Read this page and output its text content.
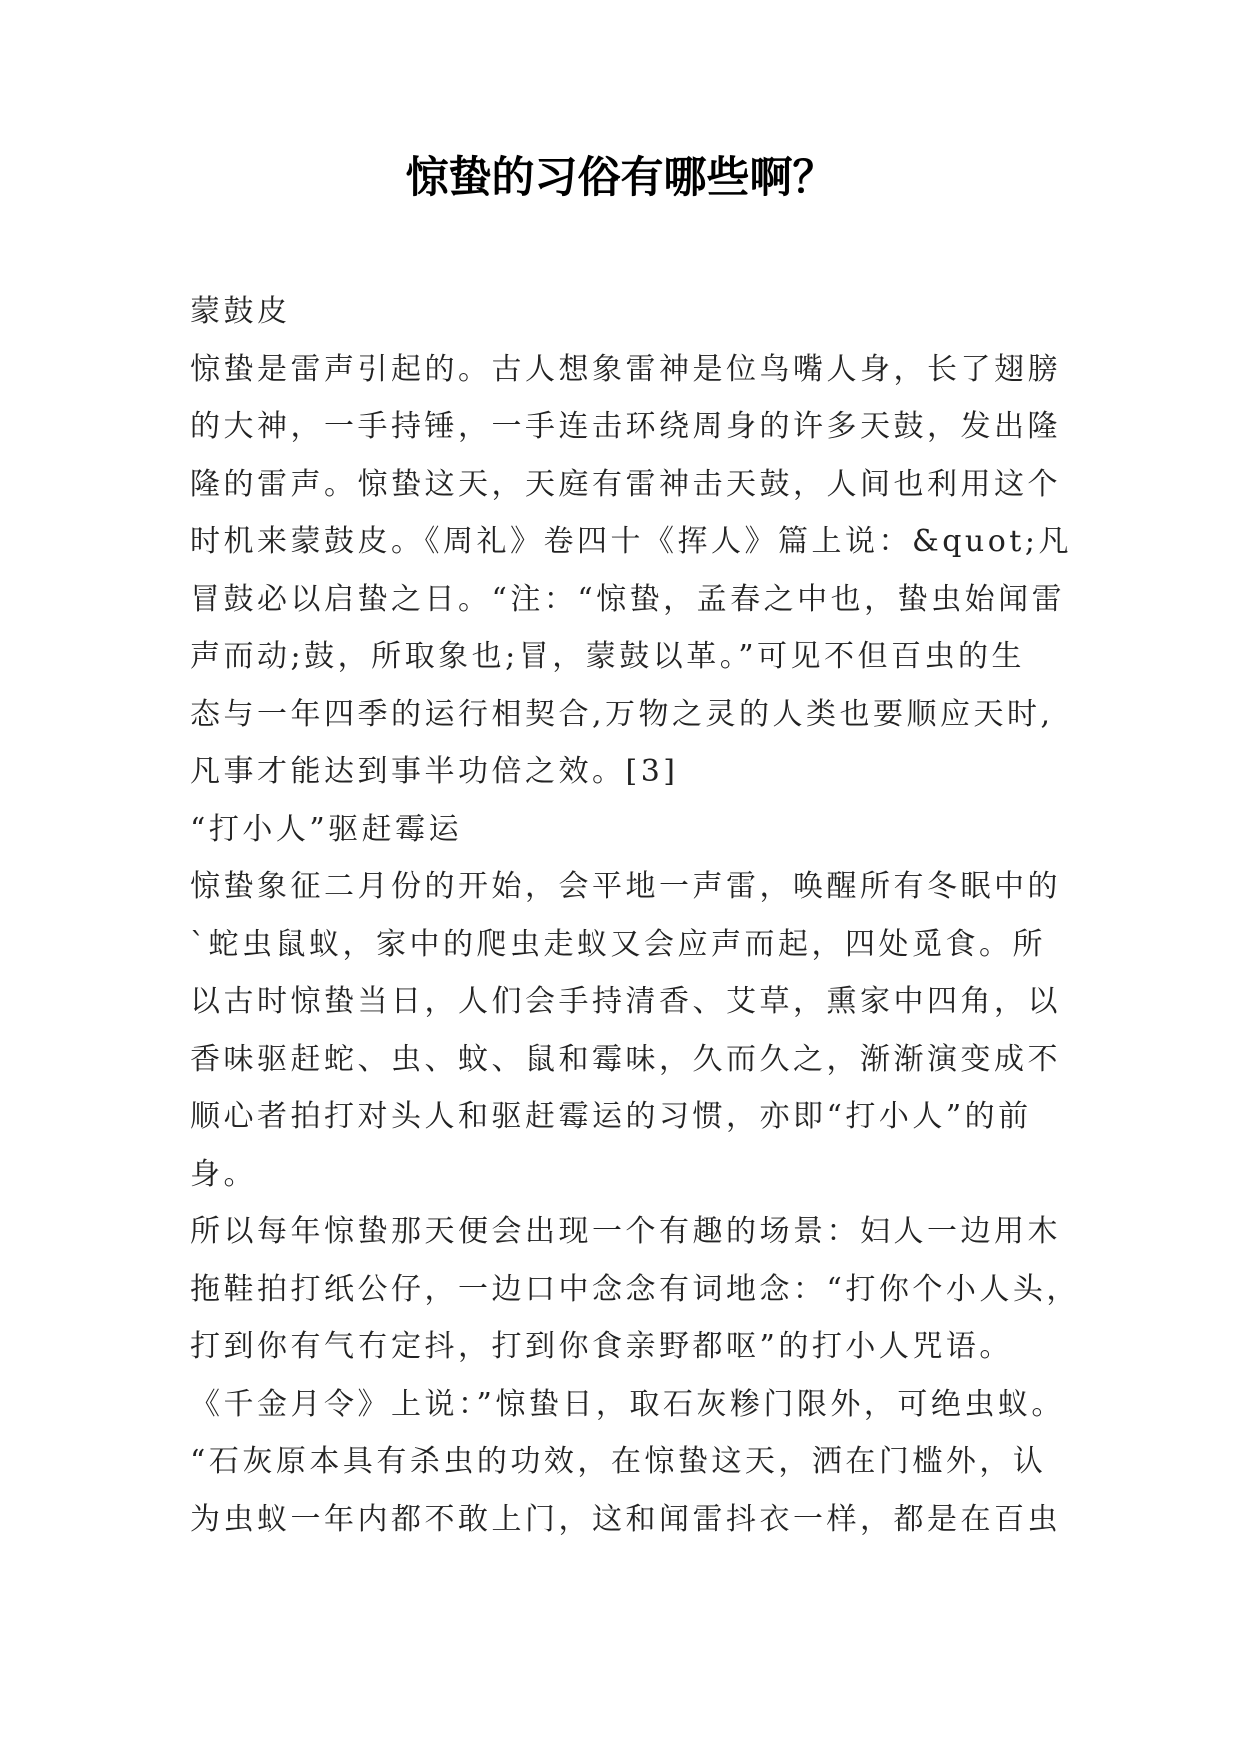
惊蛰的习俗有哪些啊？
蒙鼓皮
惊蛰是雷声引起的。古人想象雷神是位鸟嘴人身，长了翅膀
的大神，一手持锤，一手连击环绕周身的许多天鼓，发出隆
隆的雷声。惊蛰这天，天庭有雷神击天鼓，人间也利用这个
时机来蒙鼓皮。《周礼》卷四十《挥人》篇上说：&quot;凡
冒鼓必以启蛰之日。“注：“惊蛰，孟春之中也，蛰虫始闻雷
声而动;鼓，所取象也;冒，蒙鼓以革。”可见不但百虫的生
态与一年四季的运行相契合,万物之灵的人类也要顺应天时,
凡事才能达到事半功倍之效。[3]
“打小人”驱赶霉运
惊蛰象征二月份的开始，会平地一声雷，唤醒所有冬眠中的
`蛇虫鼠蚁，家中的爬虫走蚁又会应声而起，四处觅食。所
以古时惊蛰当日，人们会手持清香、艾草，熏家中四角，以
香味驱赶蛇、虫、蚊、鼠和霉味，久而久之，渐渐演变成不
顺心者拍打对头人和驱赶霉运的习惯，亦即“打小人”的前
身。
所以每年惊蛰那天便会出现一个有趣的场景：妇人一边用木
拖鞋拍打纸公仔，一边口中念念有词地念：“打你个小人头，
打到你有气冇定抖，打到你食亲野都呕”的打小人咒语。
《千金月令》上说：”惊蛰日，取石灰糁门限外，可绝虫蚁。
“石灰原本具有杀虫的功效，在惊蛰这天，洒在门槛外，认
为虫蚁一年内都不敢上门，这和闻雷抖衣一样，都是在百虫
